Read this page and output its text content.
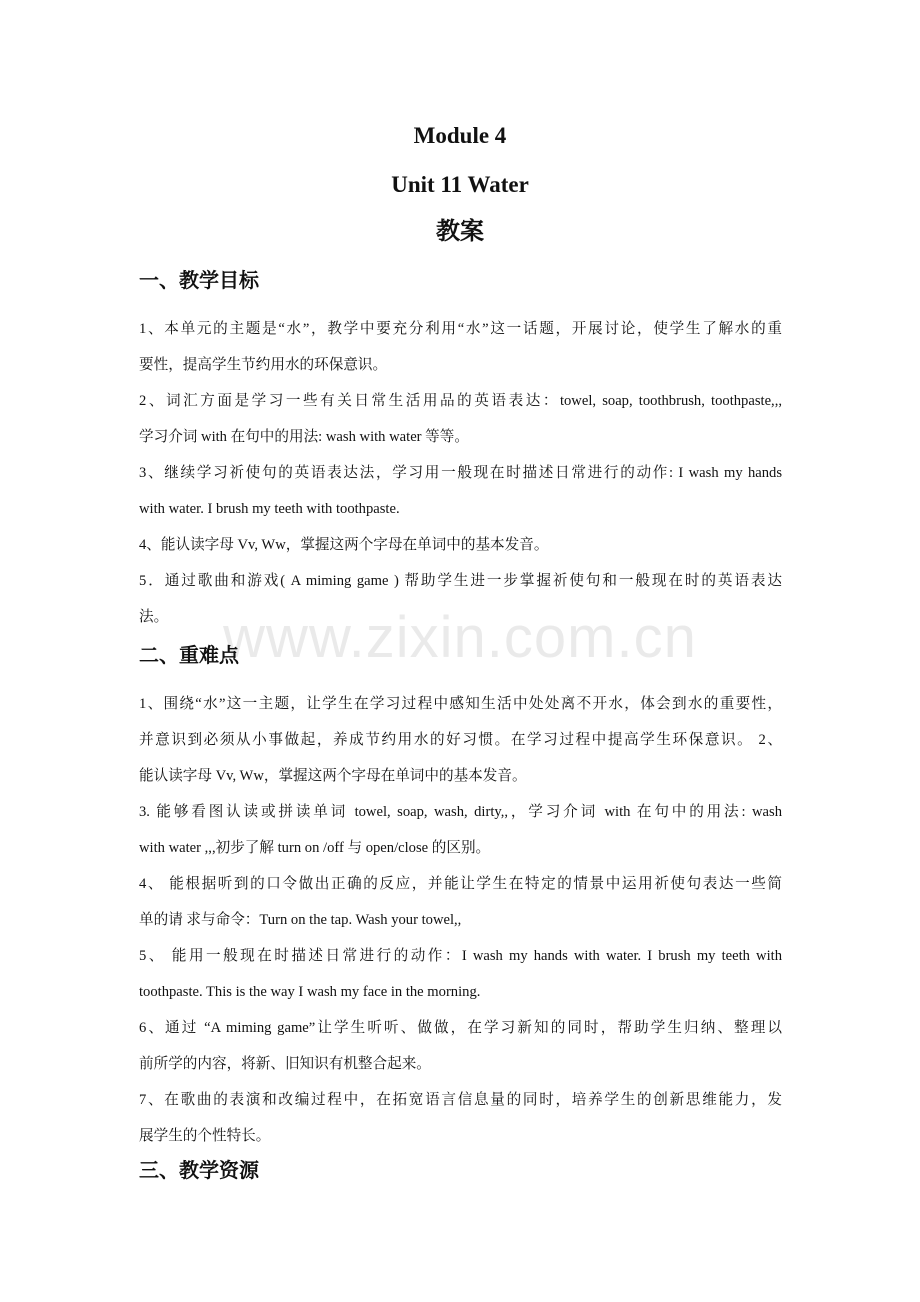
www.zixin.com.cn
Module 4
Unit 11 Water
教案
一、教学目标
1、本单元的主题是“水”，教学中要充分利用“水”这一话题，开展讨论，使学生了解水的重
要性，提高学生节约用水的环保意识。
2、词汇方面是学习一些有关日常生活用品的英语表达：towel, soap, toothbrush, toothpaste,,,
学习介词 with 在句中的用法: wash with water 等等。
3、继续学习祈使句的英语表达法，学习用一般现在时描述日常进行的动作: I wash my hands
with water. I brush my teeth with toothpaste.
4、能认读字母 Vv, Ww，掌握这两个字母在单词中的基本发音。
5．通过歌曲和游戏( A miming game ) 帮助学生进一步掌握祈使句和一般现在时的英语表达
法。
二、重难点
1、围绕“水”这一主题，让学生在学习过程中感知生活中处处离不开水，体会到水的重要性，
并意识到必须从小事做起，养成节约用水的好习惯。在学习过程中提高学生环保意识。 2、
能认读字母 Vv, Ww，掌握这两个字母在单词中的基本发音。
3. 能够看图认读或拼读单词 towel, soap, wash, dirty,,，学习介词 with 在句中的用法: wash
with water ,,,初步了解 turn on /off 与 open/close 的区别。
4、 能根据听到的口令做出正确的反应，并能让学生在特定的情景中运用祈使句表达一些简
单的请 求与命令：Turn on the tap. Wash your towel,,
5、 能用一般现在时描述日常进行的动作：I wash my hands with water. I brush my teeth with
toothpaste. This is the way I wash my face in the morning.
6、通过 “A miming game”让学生听听、做做，在学习新知的同时，帮助学生归纳、整理以
前所学的内容，将新、旧知识有机整合起来。
7、在歌曲的表演和改编过程中，在拓宽语言信息量的同时，培养学生的创新思维能力，发
展学生的个性特长。
三、教学资源
